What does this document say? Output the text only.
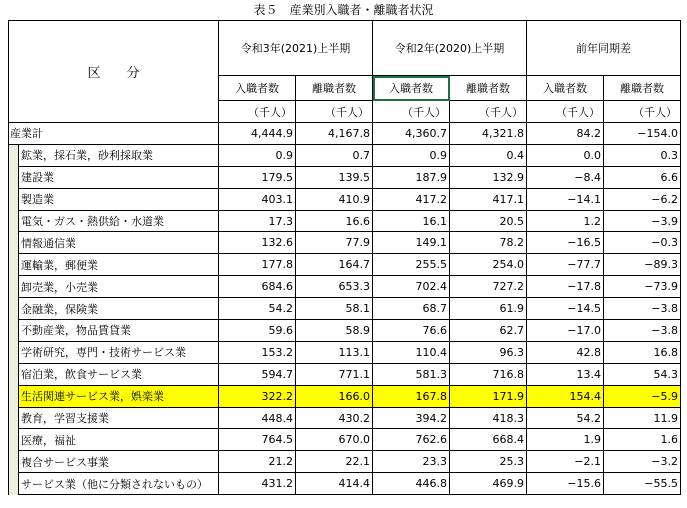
表５　産業別入職者・離職者状況
区　　分		令和3年(2021)上半期		令和2年(2020)上半期		前年同期差	
		入職者数	離職者数	入職者数	離職者数	入職者数	離職者数
		（千人）	（千人）	（千人）	（千人）	（千人）	（千人）
産業計		4,444.9	4,167.8	4,360.7	4,321.8	84.2	−154.0
	鉱業，採石業，砂利採取業	0.9	0.7	0.9	0.4	0.0	0.3
	建設業	179.5	139.5	187.9	132.9	−8.4	6.6
	製造業	403.1	410.9	417.2	417.1	−14.1	−6.2
	電気・ガス・熱供給・水道業	17.3	16.6	16.1	20.5	1.2	−3.9
	情報通信業	132.6	77.9	149.1	78.2	−16.5	−0.3
	運輸業，郵便業	177.8	164.7	255.5	254.0	−77.7	−89.3
	卸売業，小売業	684.6	653.3	702.4	727.2	−17.8	−73.9
	金融業，保険業	54.2	58.1	68.7	61.9	−14.5	−3.8
	不動産業，物品賃貸業	59.6	58.9	76.6	62.7	−17.0	−3.8
	学術研究，専門・技術サービス業	153.2	113.1	110.4	96.3	42.8	16.8
	宿泊業，飲食サービス業	594.7	771.1	581.3	716.8	13.4	54.3
	生活関連サービス業，娯楽業	322.2	166.0	167.8	171.9	154.4	−5.9
	教育，学習支援業	448.4	430.2	394.2	418.3	54.2	11.9
	医療，福祉	764.5	670.0	762.6	668.4	1.9	1.6
	複合サービス事業	21.2	22.1	23.3	25.3	−2.1	−3.2
	サービス業（他に分類されないもの）	431.2	414.4	446.8	469.9	−15.6	−55.5
